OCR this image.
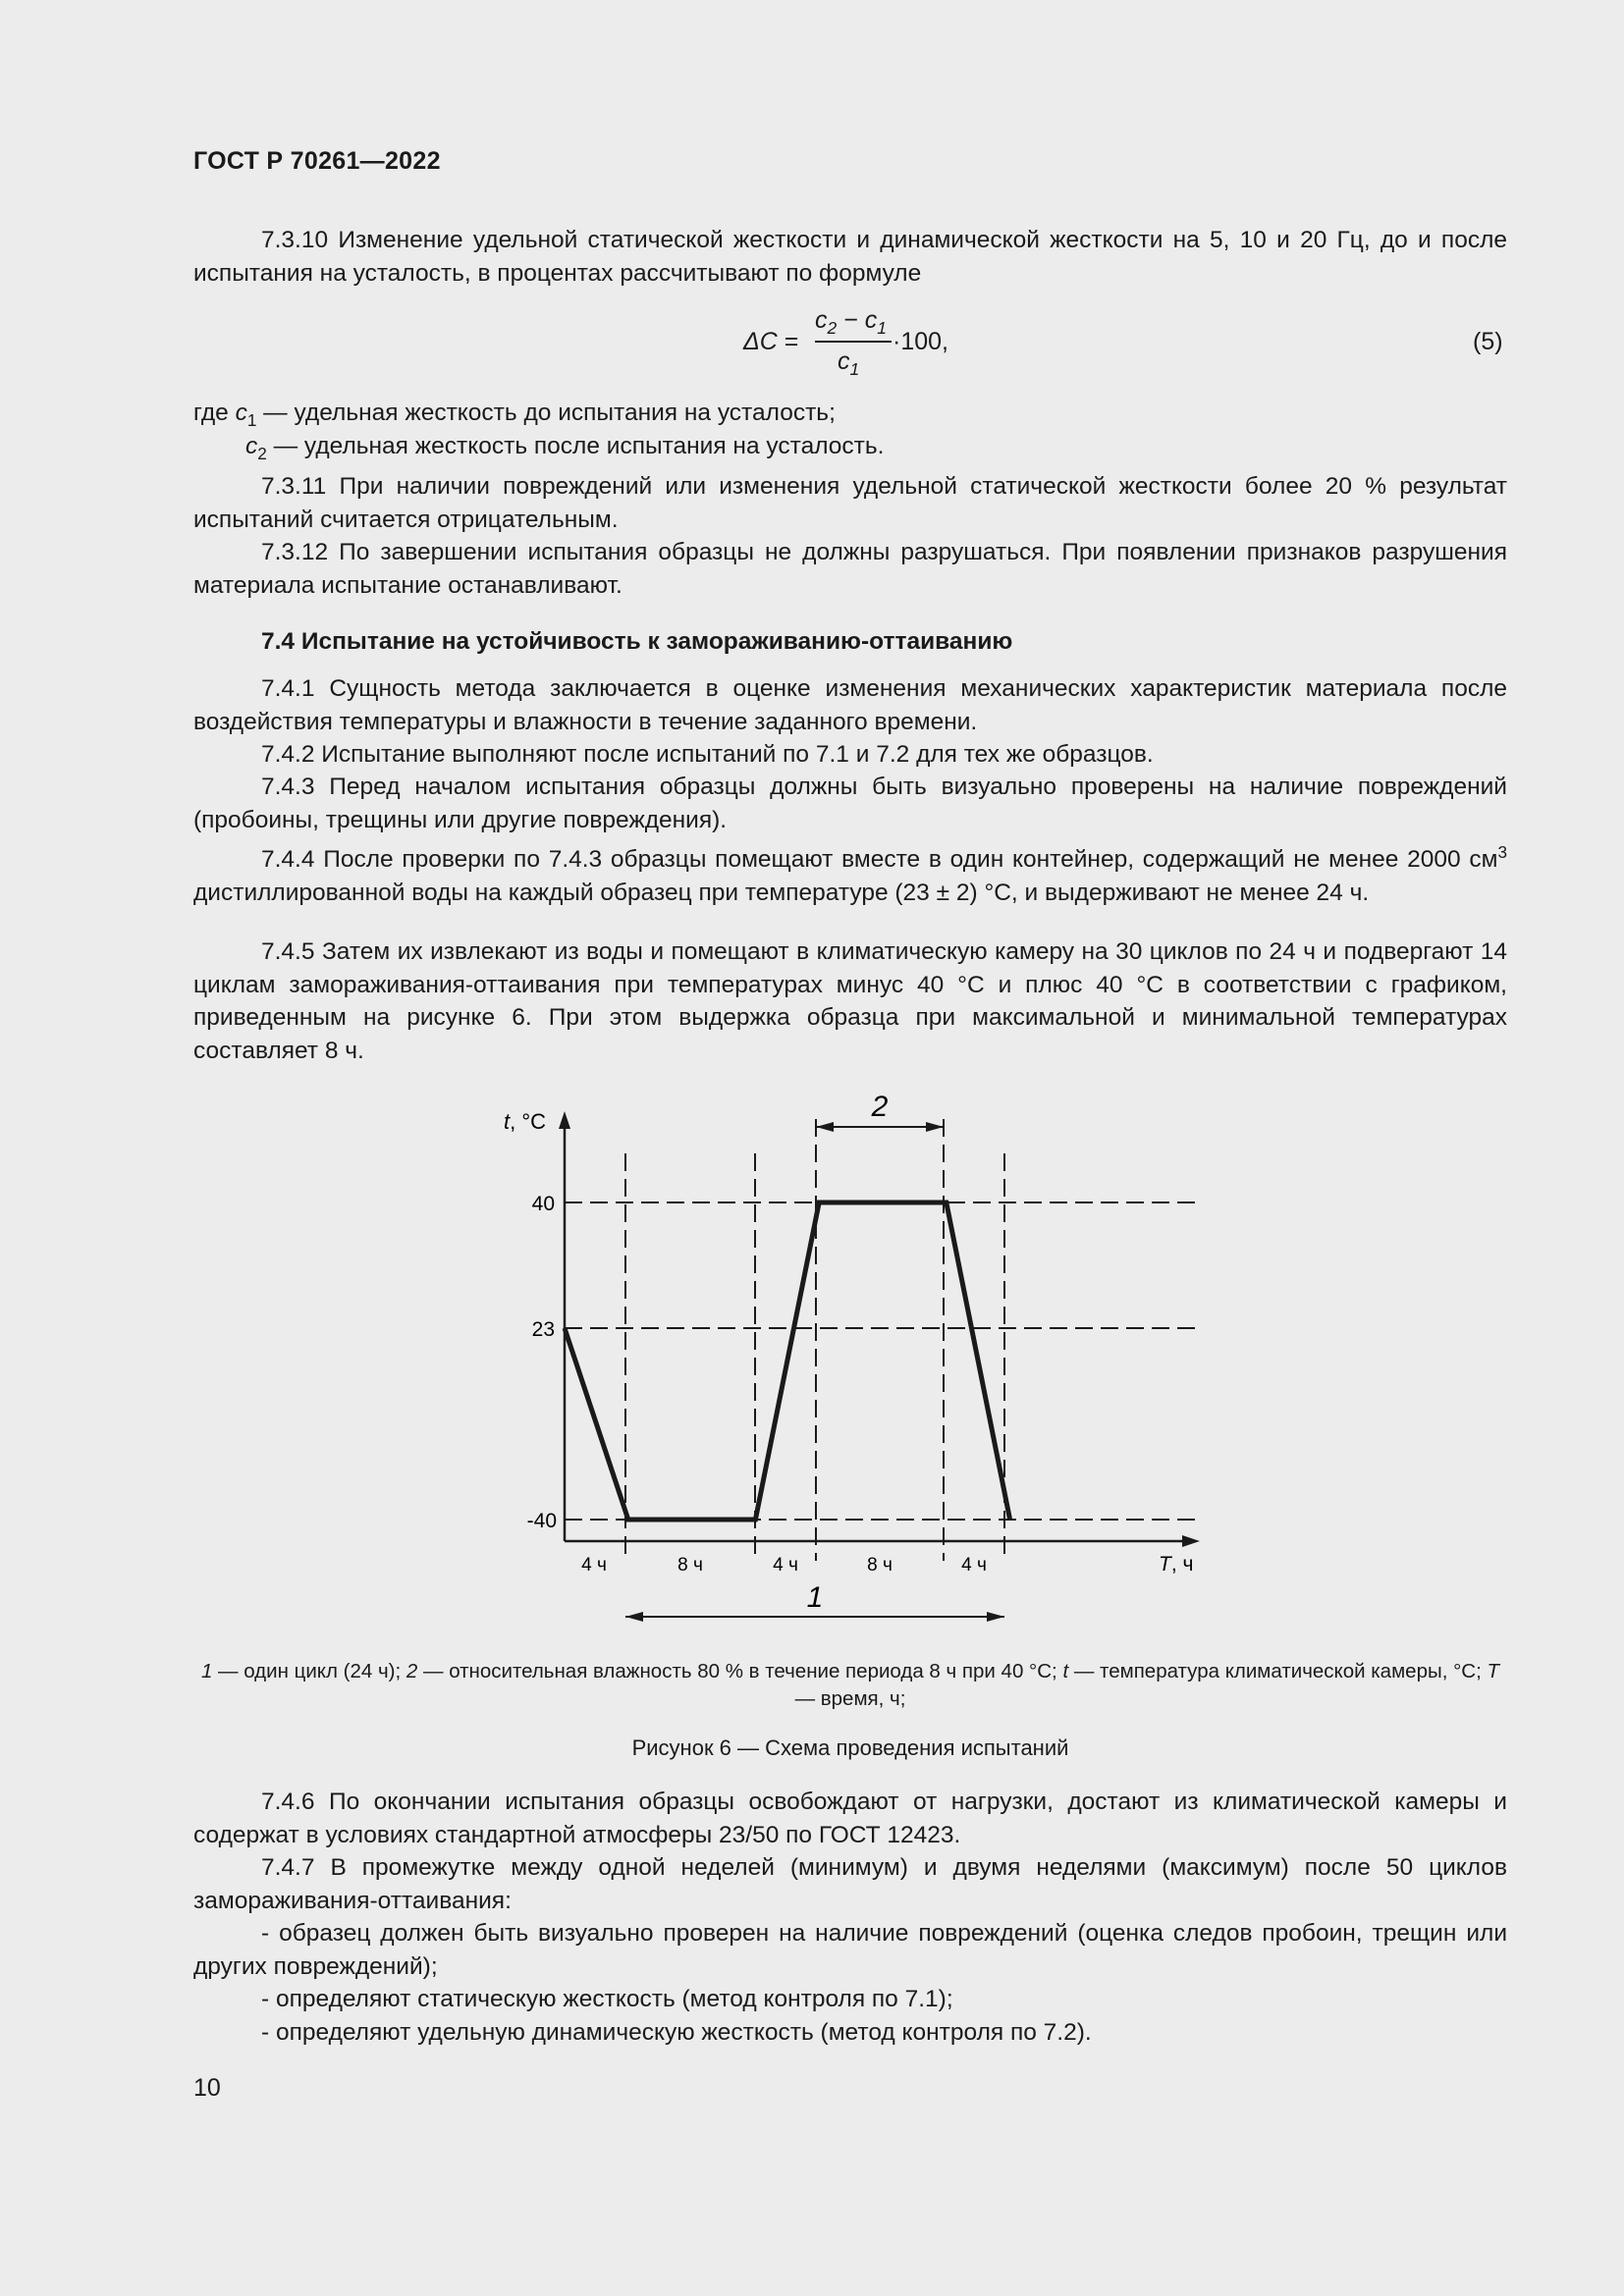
ГОСТ Р 70261—2022

7.3.10 Изменение удельной статической жесткости и динамической жесткости на 5, 10 и 20 Гц, до и после испытания на усталость, в процентах рассчитывают по формуле

ΔC =
$c_2 - c_1$
$c_1$
·100,	(5)
где $c_1$ — удельная жесткость до испытания на усталость;
$c_2$ — удельная жесткость после испытания на усталость.

7.3.11 При наличии повреждений или изменения удельной статической жесткости более 20 % результат испытаний считается отрицательным.

7.3.12 По завершении испытания образцы не должны разрушаться. При появлении признаков разрушения материала испытание останавливают.

7.4 Испытание на устойчивость к замораживанию-оттаиванию

7.4.1 Сущность метода заключается в оценке изменения механических характеристик материала после воздействия температуры и влажности в течение заданного времени.

7.4.2 Испытание выполняют после испытаний по 7.1 и 7.2 для тех же образцов.

7.4.3 Перед началом испытания образцы должны быть визуально проверены на наличие повреждений (пробоины, трещины или другие повреждения).

7.4.4 После проверки по 7.4.3 образцы помещают вместе в один контейнер, содержащий не менее 2000 $см^3$ дистиллированной воды на каждый образец при температуре (23 ± 2) °С, и выдерживают не менее 24 ч.

7.4.5 Затем их извлекают из воды и помещают в климатическую камеру на 30 циклов по 24 ч и подвергают 14 циклам замораживания-оттаивания при температурах минус 40 °С и плюс 40 °С в соответствии с графиком, приведенным на рисунке 6. При этом выдержка образца при максимальной и минимальной температурах составляет 8 ч.

t, °С
40
23
-40
4 ч	8 ч	4 ч	8 ч	4 ч	T, ч
2
1
1 — один цикл (24 ч); 2 — относительная влажность 80 % в течение периода 8 ч при 40 °С; t — температура климатической камеры, °С; T — время, ч;
Рисунок 6 — Схема проведения испытаний

7.4.6 По окончании испытания образцы освобождают от нагрузки, достают из климатической камеры и содержат в условиях стандартной атмосферы 23/50 по ГОСТ 12423.

7.4.7 В промежутке между одной неделей (минимум) и двумя неделями (максимум) после 50 циклов замораживания-оттаивания:

- образец должен быть визуально проверен на наличие повреждений (оценка следов пробоин, трещин или других повреждений);

- определяют статическую жесткость (метод контроля по 7.1);

- определяют удельную динамическую жесткость (метод контроля по 7.2).

10
